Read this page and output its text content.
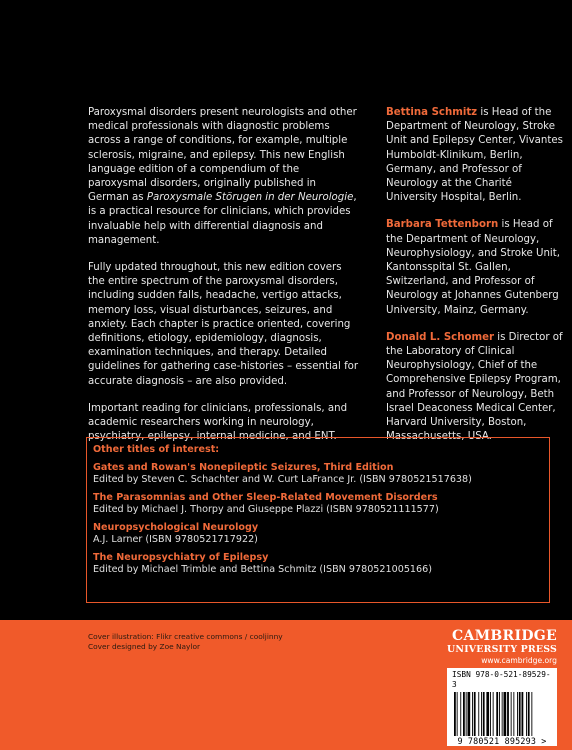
Paroxysmal disorders present neurologists and other medical professionals with diagnostic problems across a range of conditions, for example, multiple sclerosis, migraine, and epilepsy. This new English language edition of a compendium of the paroxysmal disorders, originally published in German as Paroxysmale Störugen in der Neurologie, is a practical resource for clinicians, which provides invaluable help with differential diagnosis and management.

Fully updated throughout, this new edition covers the entire spectrum of the paroxysmal disorders, including sudden falls, headache, vertigo attacks, memory loss, visual disturbances, seizures, and anxiety. Each chapter is practice oriented, covering definitions, etiology, epidemiology, diagnosis, examination techniques, and therapy. Detailed guidelines for gathering case-histories – essential for accurate diagnosis – are also provided.

Important reading for clinicians, professionals, and academic researchers working in neurology, psychiatry, epilepsy, internal medicine, and ENT.

Bettina Schmitz is Head of the Department of Neurology, Stroke Unit and Epilepsy Center, Vivantes Humboldt-Klinikum, Berlin, Germany, and Professor of Neurology at the Charité University Hospital, Berlin.

Barbara Tettenborn is Head of the Department of Neurology, Neurophysiology, and Stroke Unit, Kantonsspital St. Gallen, Switzerland, and Professor of Neurology at Johannes Gutenberg University, Mainz, Germany.

Donald L. Schomer is Director of the Laboratory of Clinical Neurophysiology, Chief of the Comprehensive Epilepsy Program, and Professor of Neurology, Beth Israel Deaconess Medical Center, Harvard University, Boston, Massachusetts, USA.

Other titles of interest:
Gates and Rowan's Nonepileptic Seizures, Third Edition
Edited by Steven C. Schachter and W. Curt LaFrance Jr. (ISBN 9780521517638)
The Parasomnias and Other Sleep-Related Movement Disorders
Edited by Michael J. Thorpy and Giuseppe Plazzi (ISBN 9780521111577)
Neuropsychological Neurology
A.J. Larner (ISBN 9780521717922)
The Neuropsychiatry of Epilepsy
Edited by Michael Trimble and Bettina Schmitz (ISBN 9780521005166)
Cover illustration: Flikr creative commons / cooljinny
Cover designed by Zoe Naylor
CAMBRIDGE
UNIVERSITY PRESS
www.cambridge.org
ISBN 978-0-521-89529-3
9 780521 895293 >
